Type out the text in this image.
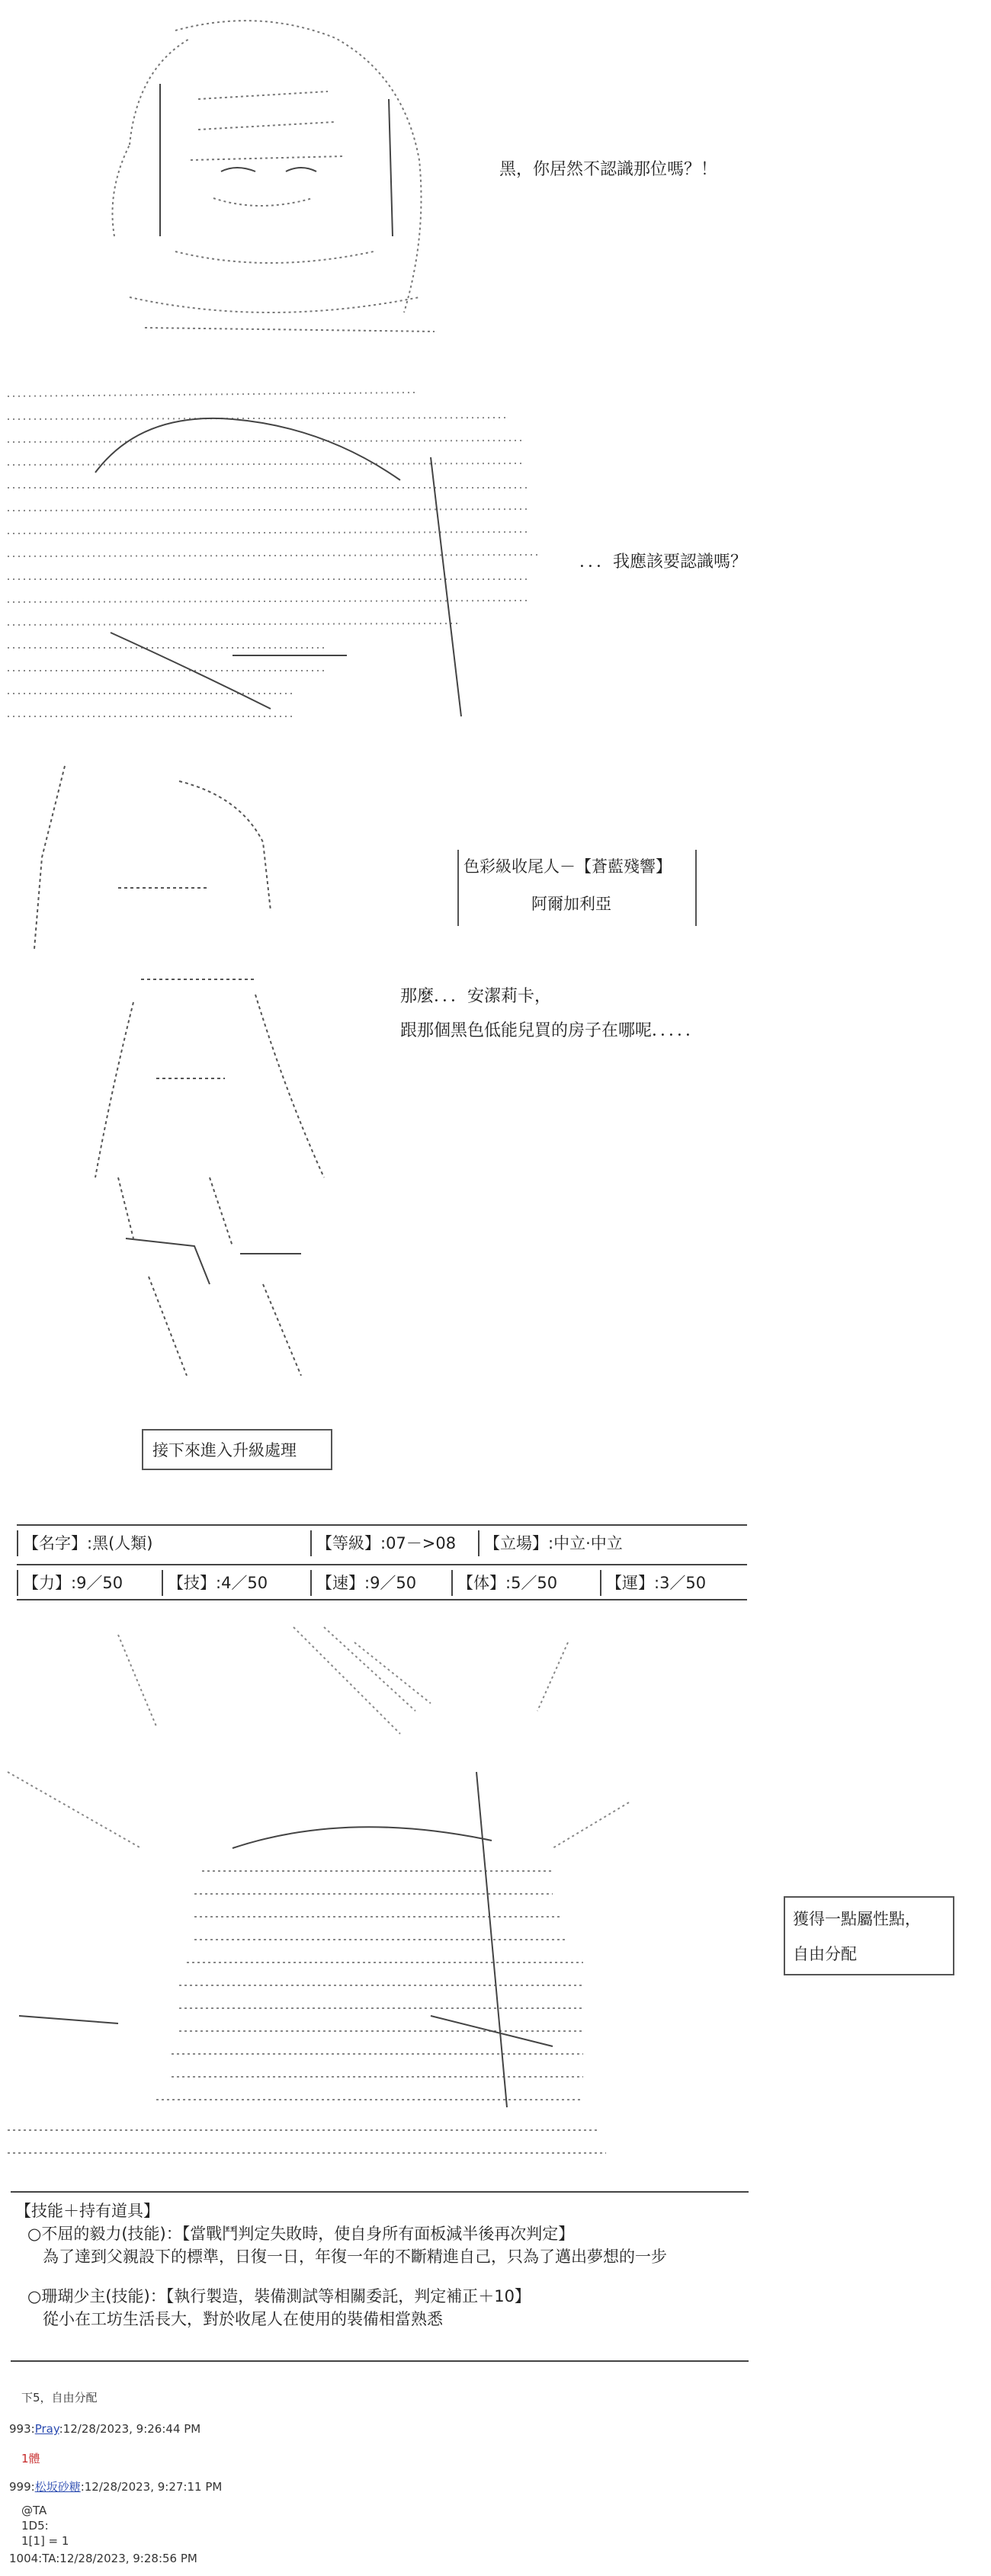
黑，你居然不認識那位嗎？！
．．．我應該要認識嗎？
色彩級收尾人－【蒼藍殘響】
阿爾加利亞
那麼．．．安潔莉卡，
跟那個黑色低能兒買的房子在哪呢．．．．．
接下來進入升級處理
【名字】:黑(人類)	【等級】:07－>08	【立場】:中立·中立
【力】:9／50	【技】:4／50	【速】:9／50	【体】:5／50	【運】:3／50
獲得一點屬性點，
自由分配
【技能＋持有道具】
○不屈的毅力(技能)：【當戰鬥判定失敗時，使自身所有面板減半後再次判定】
為了達到父親設下的標準，日復一日，年復一年的不斷精進自己，只為了邁出夢想的一步
○珊瑚少主(技能)：【執行製造，裝備測試等相關委託，判定補正＋10】
從小在工坊生活長大，對於收尾人在使用的裝備相當熟悉
下5，自由分配
993:Pray:12/28/2023, 9:26:44 PM
1體
999:松坂砂糖:12/28/2023, 9:27:11 PM
@TA
1D5:
1[1] = 1
1004:TA:12/28/2023, 9:28:56 PM
